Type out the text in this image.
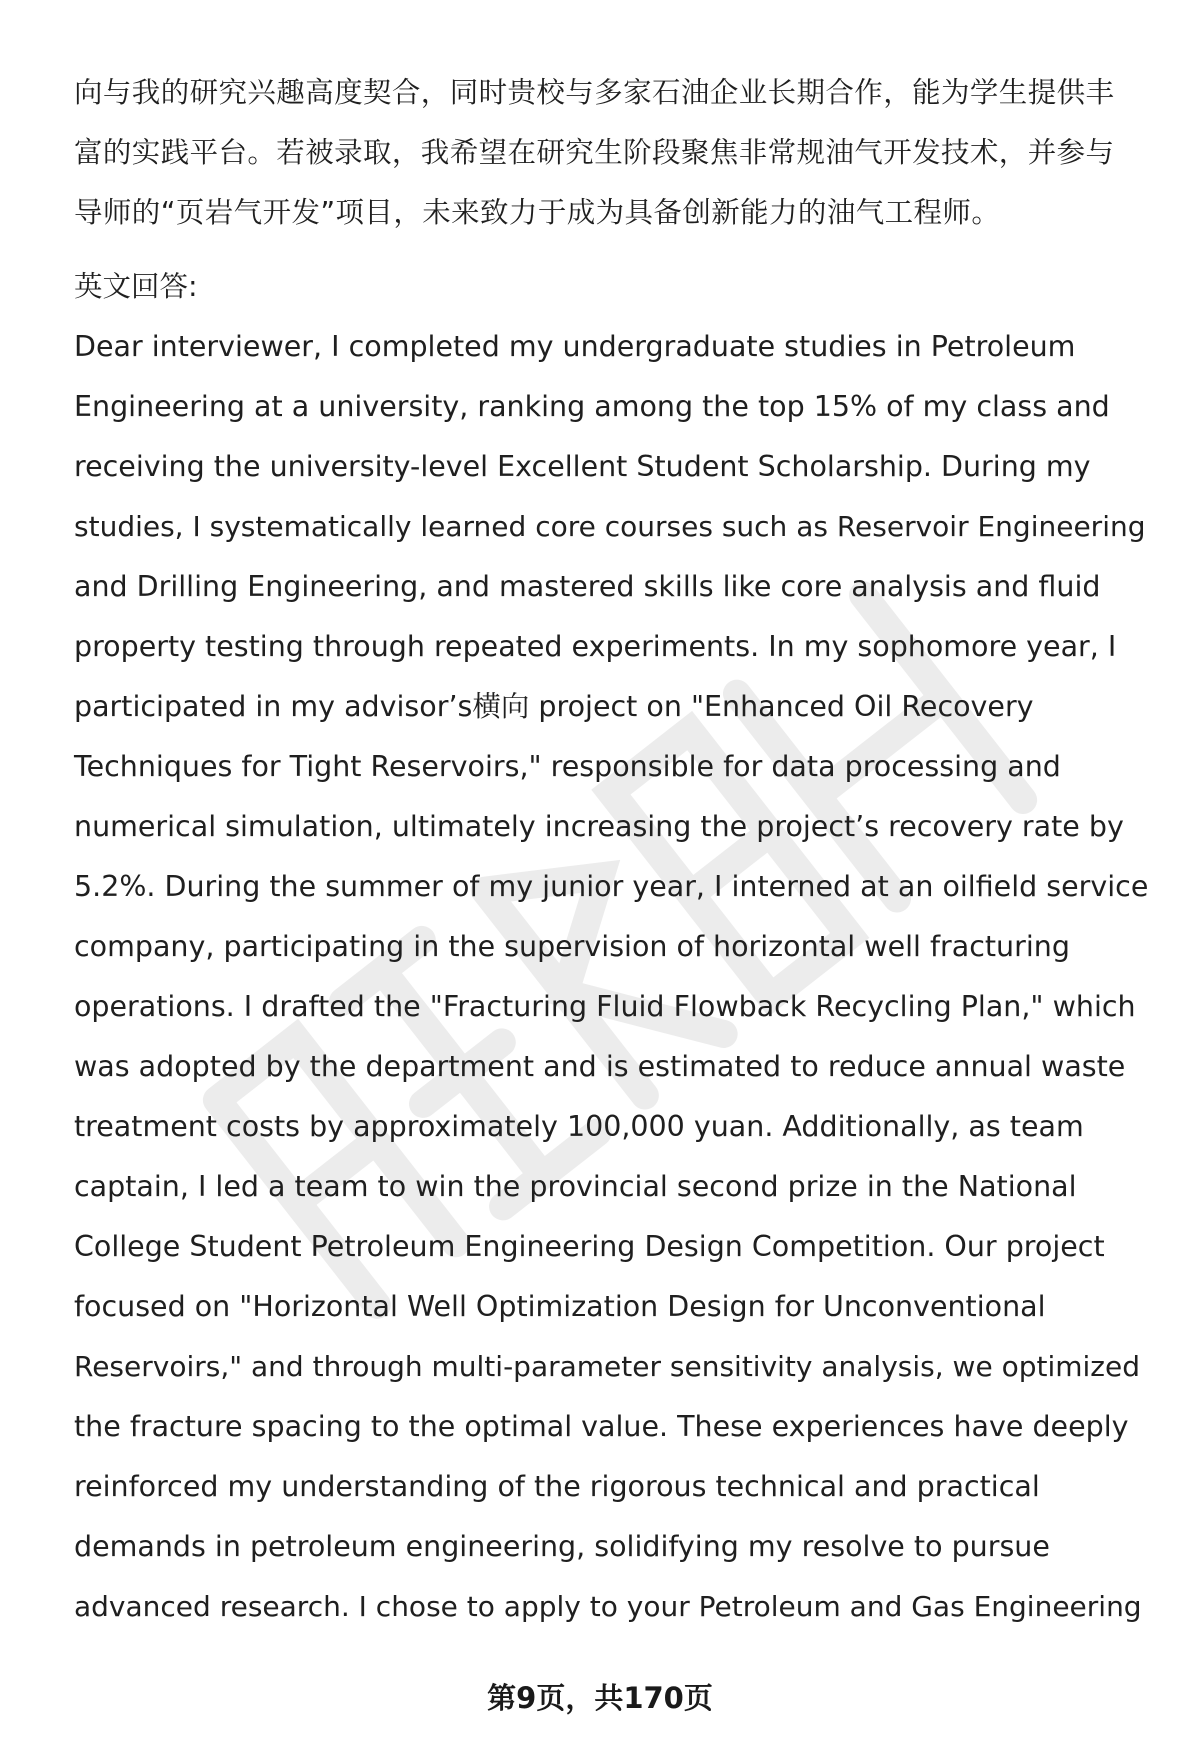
向与我的研究兴趣高度契合，同时贵校与多家石油企业长期合作，能为学生提供丰
富的实践平台。若被录取，我希望在研究生阶段聚焦非常规油气开发技术，并参与
导师的“页岩气开发”项目，未来致力于成为具备创新能力的油气工程师。
英文回答:
Dear interviewer, I completed my undergraduate studies in Petroleum
Engineering at a university, ranking among the top 15% of my class and
receiving the university-level Excellent Student Scholarship. During my
studies, I systematically learned core courses such as Reservoir Engineering
and Drilling Engineering, and mastered skills like core analysis and fluid
property testing through repeated experiments. In my sophomore year, I
participated in my advisor’s横向 project on "Enhanced Oil Recovery
Techniques for Tight Reservoirs," responsible for data processing and
numerical simulation, ultimately increasing the project’s recovery rate by
5.2%. During the summer of my junior year, I interned at an oilfield service
company, participating in the supervision of horizontal well fracturing
operations. I drafted the "Fracturing Fluid Flowback Recycling Plan," which
was adopted by the department and is estimated to reduce annual waste
treatment costs by approximately 100,000 yuan. Additionally, as team
captain, I led a team to win the provincial second prize in the National
College Student Petroleum Engineering Design Competition. Our project
focused on "Horizontal Well Optimization Design for Unconventional
Reservoirs," and through multi-parameter sensitivity analysis, we optimized
the fracture spacing to the optimal value. These experiences have deeply
reinforced my understanding of the rigorous technical and practical
demands in petroleum engineering, solidifying my resolve to pursue
advanced research. I chose to apply to your Petroleum and Gas Engineering
第9页，共170页
